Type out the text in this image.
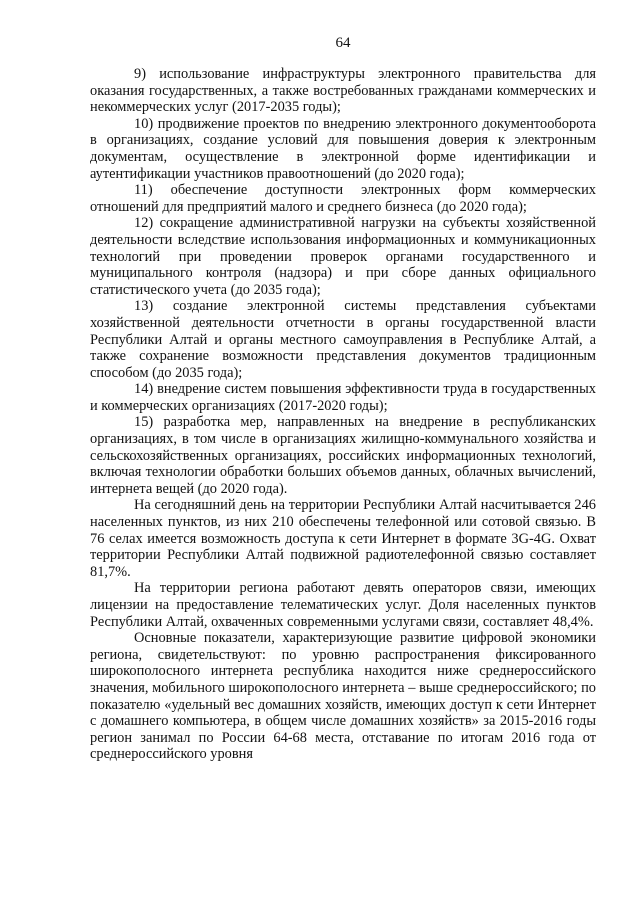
64

9) использование инфраструктуры электронного правительства для оказания государственных, а также востребованных гражданами коммерческих и некоммерческих услуг (2017-2035 годы);

10) продвижение проектов по внедрению электронного документооборота в организациях, создание условий для повышения доверия к электронным документам, осуществление в электронной форме идентификации и аутентификации участников правоотношений (до 2020 года);

11) обеспечение доступности электронных форм коммерческих отношений для предприятий малого и среднего бизнеса (до 2020 года);

12) сокращение административной нагрузки на субъекты хозяйственной деятельности вследствие использования информационных и коммуникационных технологий при проведении проверок органами государственного и муниципального контроля (надзора) и при сборе данных официального статистического учета (до 2035 года);

13) создание электронной системы представления субъектами хозяйственной деятельности отчетности в органы государственной власти Республики Алтай и органы местного самоуправления в Республике Алтай, а также сохранение возможности представления документов традиционным способом (до 2035 года);

14) внедрение систем повышения эффективности труда в государственных и коммерческих организациях (2017-2020 годы);

15) разработка мер, направленных на внедрение в республиканских организациях, в том числе в организациях жилищно-коммунального хозяйства и сельскохозяйственных организациях, российских информационных технологий, включая технологии обработки больших объемов данных, облачных вычислений, интернета вещей (до 2020 года).

На сегодняшний день на территории Республики Алтай насчитывается 246 населенных пунктов, из них 210 обеспечены телефонной или сотовой связью. В 76 селах имеется возможность доступа к сети Интернет в формате 3G-4G. Охват территории Республики Алтай подвижной радиотелефонной связью составляет 81,7%.

На территории региона работают девять операторов связи, имеющих лицензии на предоставление телематических услуг. Доля населенных пунктов Республики Алтай, охваченных современными услугами связи, составляет 48,4%.

Основные показатели, характеризующие развитие цифровой экономики региона, свидетельствуют: по уровню распространения фиксированного широкополосного интернета республика находится ниже среднероссийского значения, мобильного широкополосного интернета – выше среднероссийского; по показателю «удельный вес домашних хозяйств, имеющих доступ к сети Интернет с домашнего компьютера, в общем числе домашних хозяйств» за 2015-2016 годы регион занимал по России 64-68 места, отставание по итогам 2016 года от среднероссийского уровня
